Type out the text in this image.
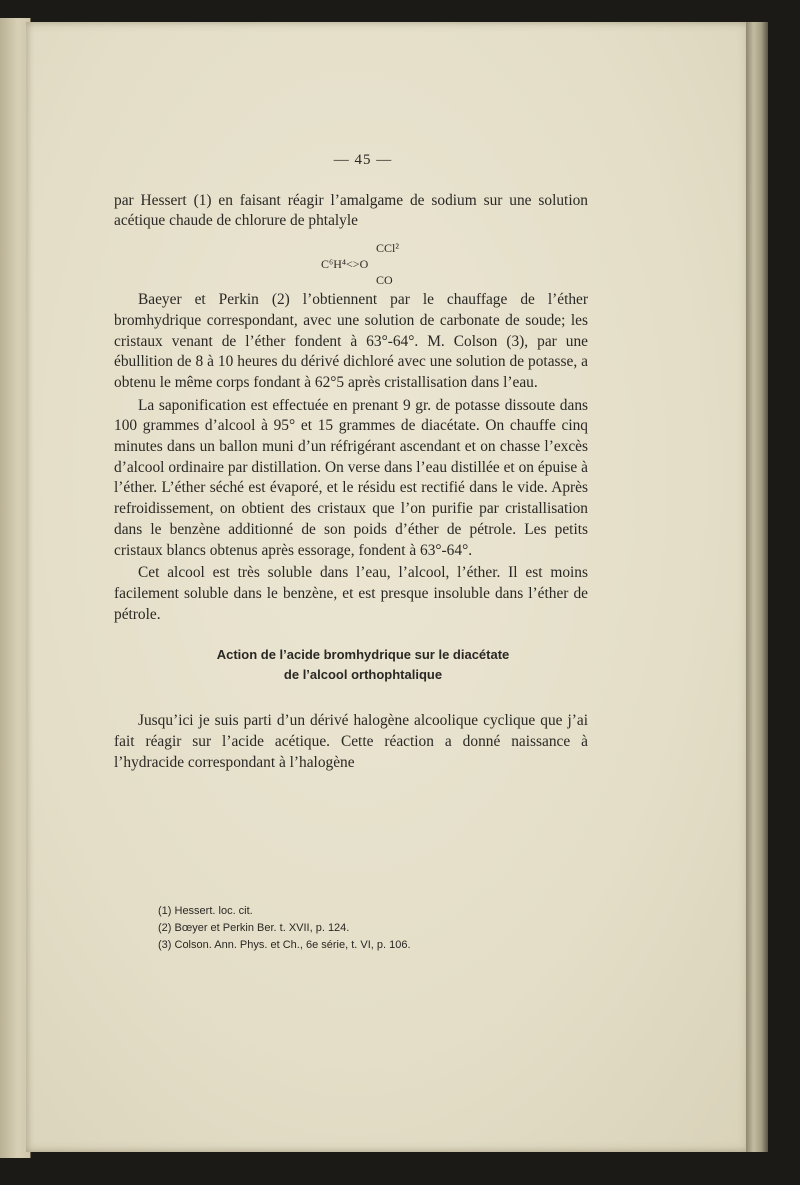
— 45 —

par Hessert (1) en faisant réagir l’amalgame de sodium sur une solution acétique chaude de chlorure de phtalyle

CCl²
C⁶H⁴<>O
CO

Baeyer et Perkin (2) l’obtiennent par le chauffage de l’éther bromhydrique correspondant, avec une solution de carbonate de soude; les cristaux venant de l’éther fondent à 63°-64°. M. Colson (3), par une ébullition de 8 à 10 heures du dérivé dichloré avec une solution de potasse, a obtenu le même corps fondant à 62°5 après cristallisation dans l’eau.

La saponification est effectuée en prenant 9 gr. de potasse dissoute dans 100 grammes d’alcool à 95° et 15 grammes de diacétate. On chauffe cinq minutes dans un ballon muni d’un réfrigérant ascendant et on chasse l’excès d’alcool ordinaire par distillation. On verse dans l’eau distillée et on épuise à l’éther. L’éther séché est évaporé, et le résidu est rectifié dans le vide. Après refroidissement, on obtient des cristaux que l’on purifie par cristallisation dans le benzène additionné de son poids d’éther de pétrole. Les petits cristaux blancs obtenus après essorage, fondent à 63°-64°.

Cet alcool est très soluble dans l’eau, l’alcool, l’éther. Il est moins facilement soluble dans le benzène, et est presque insoluble dans l’éther de pétrole.

Action de l’acide bromhydrique sur le diacétate
de l’alcool orthophtalique

Jusqu’ici je suis parti d’un dérivé halogène alcoolique cyclique que j’ai fait réagir sur l’acide acétique. Cette réaction a donné naissance à l’hydracide correspondant à l’halogène

(1) Hessert. loc. cit.
(2) Bœyer et Perkin Ber. t. XVII, p. 124.
(3) Colson. Ann. Phys. et Ch., 6e série, t. VI, p. 106.
